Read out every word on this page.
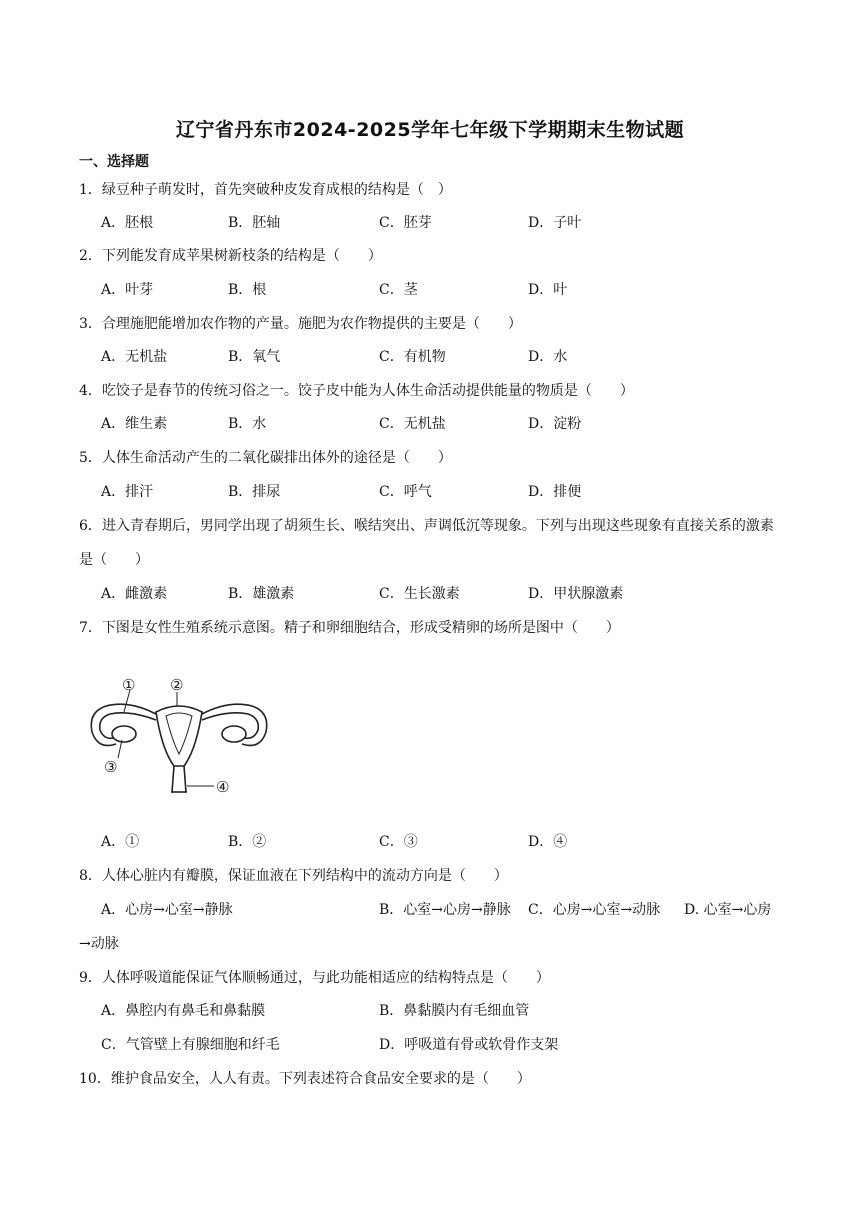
辽宁省丹东市2024-2025学年七年级下学期期末生物试题
一、选择题
1．绿豆种子萌发时，首先突破种皮发育成根的结构是（　）
A．胚根	B．胚轴	C．胚芽	D．子叶
2．下列能发育成苹果树新枝条的结构是（　　）
A．叶芽	B．根	C．茎	D．叶
3．合理施肥能增加农作物的产量。施肥为农作物提供的主要是（　　）
A．无机盐	B．氧气	C．有机物	D．水
4．吃饺子是春节的传统习俗之一。饺子皮中能为人体生命活动提供能量的物质是（　　）
A．维生素	B．水	C．无机盐	D．淀粉
5．人体生命活动产生的二氧化碳排出体外的途径是（　　）
A．排汗	B．排尿	C．呼气	D．排便
6．进入青春期后，男同学出现了胡须生长、喉结突出、声调低沉等现象。下列与出现这些现象有直接关系的激素是（　　）
A．雌激素	B．雄激素	C．生长激素	D．甲状腺激素
7．下图是女性生殖系统示意图。精子和卵细胞结合，形成受精卵的场所是图中（　　）
① ②
③
④
A．①	B．②	C．③	D．④
8．人体心脏内有瓣膜，保证血液在下列结构中的流动方向是（　　）
A．心房→心室→静脉	B．心室→心房→静脉 C．心房→心室→动脉 D. 心室→心房
→动脉
9．人体呼吸道能保证气体顺畅通过，与此功能相适应的结构特点是（　　）
A．鼻腔内有鼻毛和鼻黏膜	B．鼻黏膜内有毛细血管
C．气管壁上有腺细胞和纤毛	D．呼吸道有骨或软骨作支架
10．维护食品安全，人人有责。下列表述符合食品安全要求的是（　　）
